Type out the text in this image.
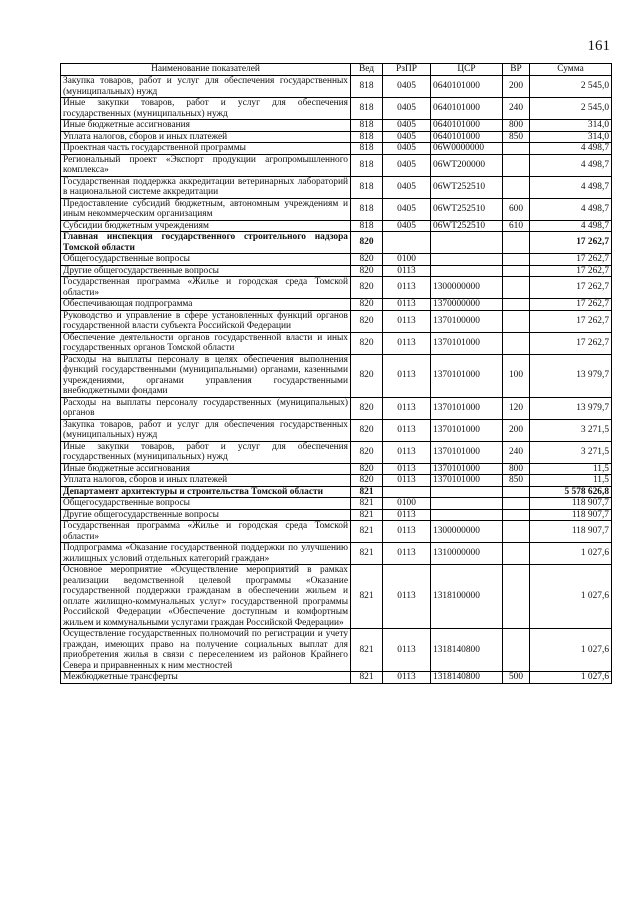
161
Наименование показателей	Вед	РзПР	ЦСР	ВР	Сумма
Закупка товаров, работ и услуг для обеспечения государственных (муниципальных) нужд	818	0405	0640101000	200	2 545,0
Иные закупки товаров, работ и услуг для обеспечения государственных (муниципальных) нужд	818	0405	0640101000	240	2 545,0
Иные бюджетные ассигнования	818	0405	0640101000	800	314,0
Уплата налогов, сборов и иных платежей	818	0405	0640101000	850	314,0
Проектная часть государственной программы	818	0405	06W0000000		4 498,7
Региональный проект «Экспорт продукции агропромышленного комплекса»	818	0405	06WT200000		4 498,7
Государственная поддержка аккредитации ветеринарных лабораторий в национальной системе аккредитации	818	0405	06WT252510		4 498,7
Предоставление субсидий бюджетным, автономным учреждениям и иным некоммерческим организациям	818	0405	06WT252510	600	4 498,7
Субсидии бюджетным учреждениям	818	0405	06WT252510	610	4 498,7
Главная инспекция государственного строительного надзора Томской области	820				17 262,7
Общегосударственные вопросы	820	0100			17 262,7
Другие общегосударственные вопросы	820	0113			17 262,7
Государственная программа «Жилье и городская среда Томской области»	820	0113	1300000000		17 262,7
Обеспечивающая подпрограмма	820	0113	1370000000		17 262,7
Руководство и управление в сфере установленных функций органов государственной власти субъекта Российской Федерации	820	0113	1370100000		17 262,7
Обеспечение деятельности органов государственной власти и иных государственных органов Томской области	820	0113	1370101000		17 262,7
Расходы на выплаты персоналу в целях обеспечения выполнения функций государственными (муниципальными) органами, казенными учреждениями, органами управления государственными внебюджетными фондами	820	0113	1370101000	100	13 979,7
Расходы на выплаты персоналу государственных (муниципальных) органов	820	0113	1370101000	120	13 979,7
Закупка товаров, работ и услуг для обеспечения государственных (муниципальных) нужд	820	0113	1370101000	200	3 271,5
Иные закупки товаров, работ и услуг для обеспечения государственных (муниципальных) нужд	820	0113	1370101000	240	3 271,5
Иные бюджетные ассигнования	820	0113	1370101000	800	11,5
Уплата налогов, сборов и иных платежей	820	0113	1370101000	850	11,5
Департамент архитектуры и строительства Томской области	821				5 578 626,8
Общегосударственные вопросы	821	0100			118 907,7
Другие общегосударственные вопросы	821	0113			118 907,7
Государственная программа «Жилье и городская среда Томской области»	821	0113	1300000000		118 907,7
Подпрограмма «Оказание государственной поддержки по улучшению жилищных условий отдельных категорий граждан»	821	0113	1310000000		1 027,6
Основное мероприятие «Осуществление мероприятий в рамках реализации ведомственной целевой программы «Оказание государственной поддержки гражданам в обеспечении жильем и оплате жилищно-коммунальных услуг» государственной программы Российской Федерации «Обеспечение доступным и комфортным жильем и коммунальными услугами граждан Российской Федерации»	821	0113	1318100000		1 027,6
Осуществление государственных полномочий по регистрации и учету граждан, имеющих право на получение социальных выплат для приобретения жилья в связи с переселением из районов Крайнего Севера и приравненных к ним местностей	821	0113	1318140800		1 027,6
Межбюджетные трансферты	821	0113	1318140800	500	1 027,6
